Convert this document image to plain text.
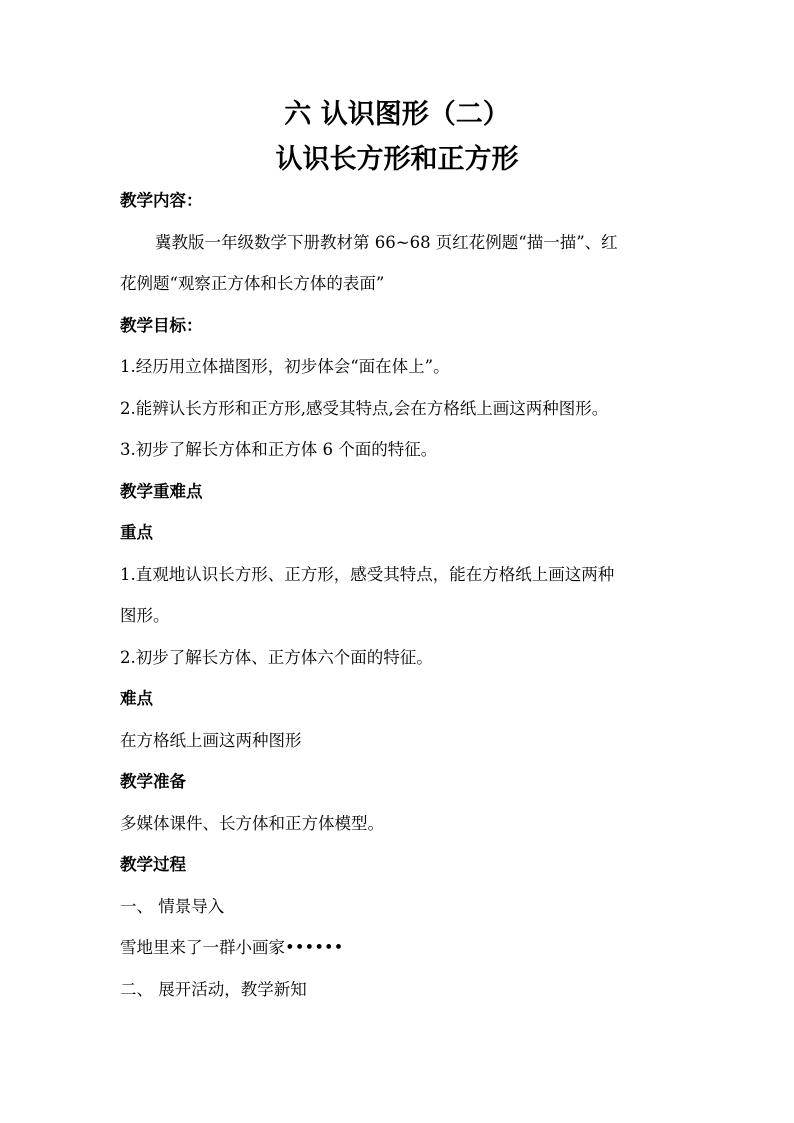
六 认识图形（二）

认识长方形和正方形

教学内容：

冀教版一年级数学下册教材第 66~68 页红花例题“描一描”、红

花例题“观察正方体和长方体的表面”

教学目标：

1.经历用立体描图形，初步体会“面在体上”。

2.能辨认长方形和正方形,感受其特点,会在方格纸上画这两种图形。

3.初步了解长方体和正方体 6 个面的特征。

教学重难点

重点

1.直观地认识长方形、正方形，感受其特点，能在方格纸上画这两种

图形。

2.初步了解长方体、正方体六个面的特征。

难点

在方格纸上画这两种图形

教学准备

多媒体课件、长方体和正方体模型。

教学过程

一、 情景导入

雪地里来了一群小画家••••••

二、 展开活动，教学新知
